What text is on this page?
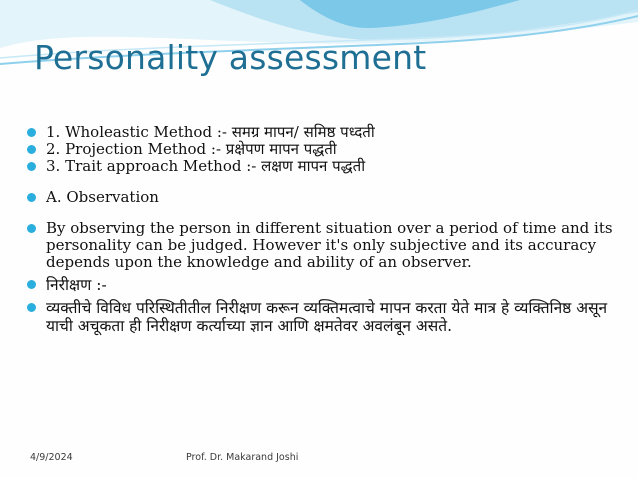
Personality assessment
1. Wholeastic Method :- समग्र मापन/ समिष्ठ पध्दती
2. Projection Method :- प्रक्षेपण मापन पद्धती
3. Trait approach Method :- लक्षण मापन पद्धती
A. Observation
By observing the person in different situation over a period of time and its personality can be judged. However it's only subjective and its accuracy depends upon the knowledge and ability of an observer.
निरीक्षण :-
व्यक्तीचे विविध परिस्थितीतील निरीक्षण करून व्यक्तिमत्वाचे मापन करता येते मात्र हे व्यक्तिनिष्ठ असून याची अचूकता ही निरीक्षण कर्त्याच्या ज्ञान आणि क्षमतेवर अवलंबून असते.
4/9/2024	Prof. Dr. Makarand Joshi
